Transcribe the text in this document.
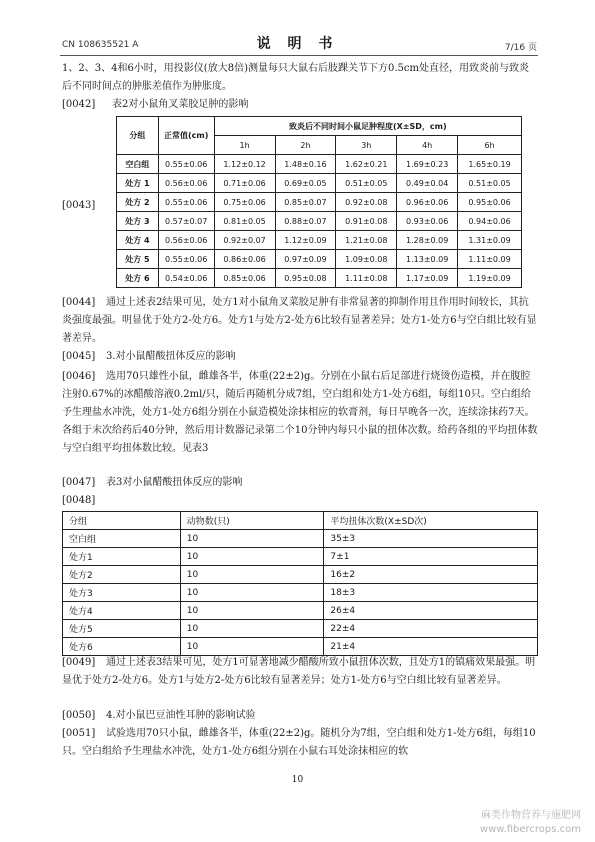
CN 108635521 A	说 明 书	7/16 页
1、2、3、4和6小时，用投影仪(放大8倍)测量每只大鼠右后肢踝关节下方0.5cm处直径，用致炎前与致炎后不同时间点的肿胀差值作为肿胀度。
[0042] 表2对小鼠角叉菜胶足肿的影响
[0043]
分组	正常值(cm)	致炎后不同时间小鼠足肿程度(X±SD，cm)				
		1h	2h	3h	4h	6h
空白组	0.55±0.06	1.12±0.12	1.48±0.16	1.62±0.21	1.69±0.23	1.65±0.19
处方 1	0.56±0.06	0.71±0.06	0.69±0.05	0.51±0.05	0.49±0.04	0.51±0.05
处方 2	0.55±0.06	0.75±0.06	0.85±0.07	0.92±0.08	0.96±0.06	0.95±0.06
处方 3	0.57±0.07	0.81±0.05	0.88±0.07	0.91±0.08	0.93±0.06	0.94±0.06
处方 4	0.56±0.06	0.92±0.07	1.12±0.09	1.21±0.08	1.28±0.09	1.31±0.09
处方 5	0.55±0.06	0.86±0.06	0.97±0.09	1.09±0.08	1.13±0.09	1.11±0.09
处方 6	0.54±0.06	0.85±0.06	0.95±0.08	1.11±0.08	1.17±0.09	1.19±0.09
[0044] 通过上述表2结果可见，处方1对小鼠角叉菜胶足肿有非常显著的抑制作用且作用时间较长，其抗炎强度最强。明显优于处方2-处方6。处方1与处方2-处方6比较有显著差异；处方1-处方6与空白组比较有显著差异。
[0045] 3.对小鼠醋酸扭体反应的影响
[0046] 选用70只雄性小鼠，雌雄各半，体重(22±2)g。分别在小鼠右后足部进行烧烫伤造模，并在腹腔注射0.67%的冰醋酸溶液0.2ml/只，随后再随机分成7组，空白组和处方1-处方6组，每组10只。空白组给予生理盐水冲洗，处方1-处方6组分别在小鼠造模处涂抹相应的软膏剂，每日早晚各一次，连续涂抹药7天。各组于末次给药后40分钟，然后用计数器记录第二个10分钟内每只小鼠的扭体次数。给药各组的平均扭体数与空白组平均扭体数比较。见表3
[0047] 表3对小鼠醋酸扭体反应的影响
[0048]
分组	动物数(只)	平均扭体次数(X±SD次)
空白组	10	35±3
处方1	10	7±1
处方2	10	16±2
处方3	10	18±3
处方4	10	26±4
处方5	10	22±4
处方6	10	21±4
[0049] 通过上述表3结果可见，处方1可显著地减少醋酸所致小鼠扭体次数，且处方1的镇痛效果最强。明显优于处方2-处方6。处方1与处方2-处方6比较有显著差异；处方1-处方6与空白组比较有显著差异。
[0050] 4.对小鼠巴豆油性耳肿的影响试验
[0051] 试验选用70只小鼠，雌雄各半，体重(22±2)g。随机分为7组，空白组和处方1-处方6组，每组10只。空白组给予生理盐水冲洗，处方1-处方6组分别在小鼠右耳处涂抹相应的软
10
麻类作物营养与施肥网
www.fibercrops.com
